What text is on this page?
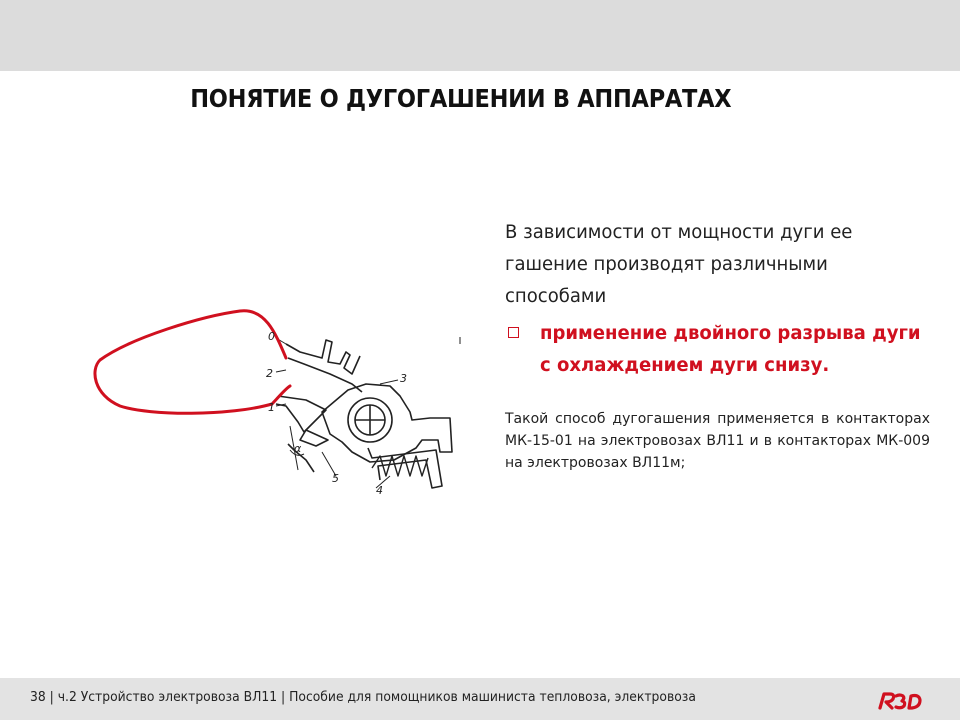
ПОНЯТИЕ О ДУГОГАШЕНИИ В АППАРАТАХ
0
2
1
3
4
5
α
В зависимости от мощности дуги ее гашение производят различными способами
применение двойного разрыва дуги с охлаждением дуги снизу.
Такой способ дугогашения применяется в контакторах МК-15-01 на электровозах ВЛ11 и в контакторах МК-009 на электровозах ВЛ11м;
38 | ч.2 Устройство электровоза ВЛ11 | Пособие для помощников машиниста тепловоза, электровоза
